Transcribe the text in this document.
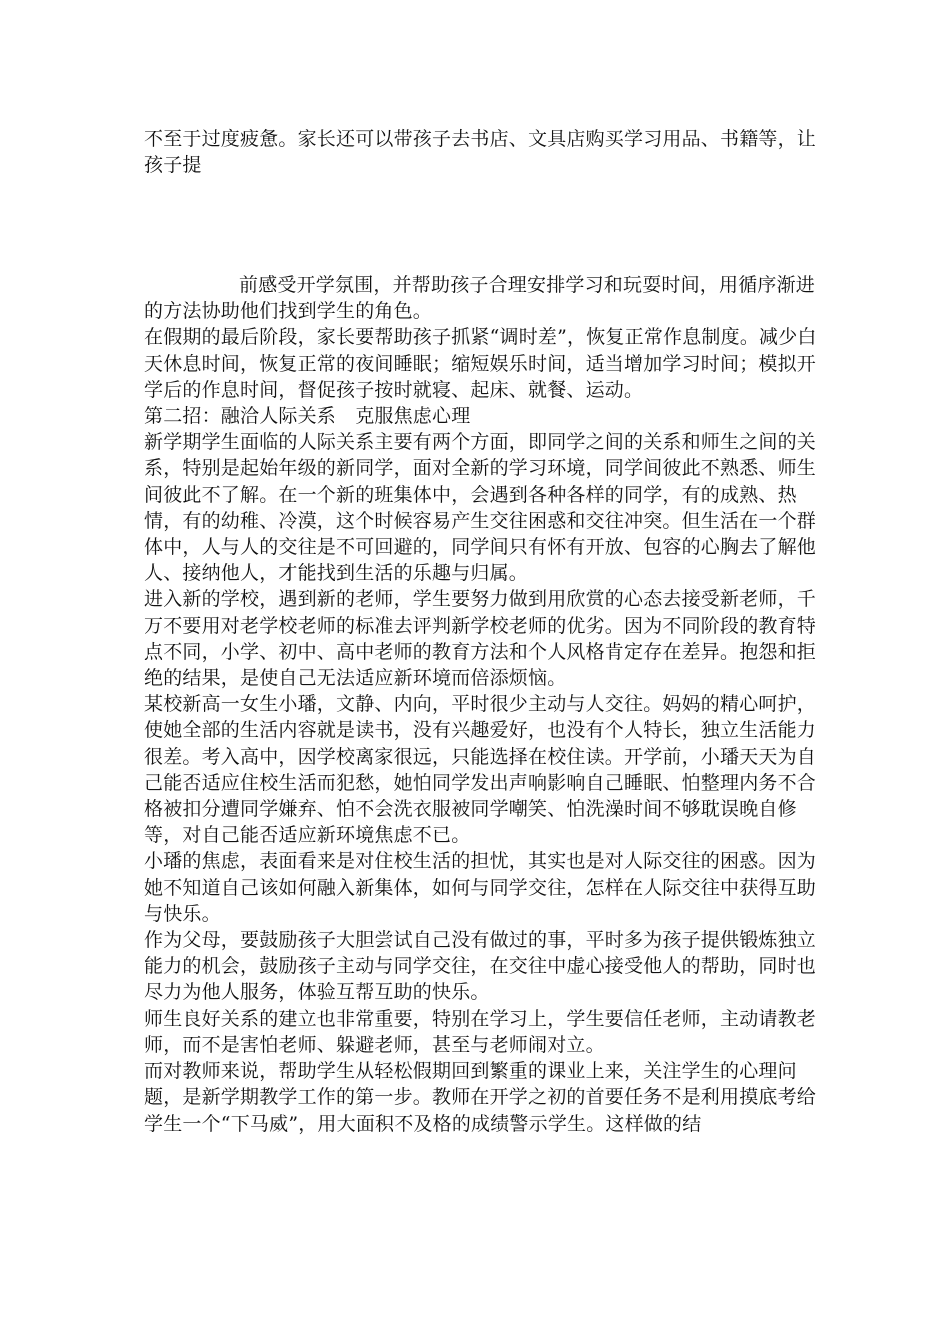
不至于过度疲惫。家长还可以带孩子去书店、文具店购买学习用品、书籍等，让孩子提

前感受开学氛围，并帮助孩子合理安排学习和玩耍时间，用循序渐进的方法协助他们找到学生的角色。

在假期的最后阶段，家长要帮助孩子抓紧“调时差”，恢复正常作息制度。减少白天休息时间，恢复正常的夜间睡眠；缩短娱乐时间，适当增加学习时间；模拟开学后的作息时间，督促孩子按时就寝、起床、就餐、运动。

第二招：融洽人际关系　克服焦虑心理

新学期学生面临的人际关系主要有两个方面，即同学之间的关系和师生之间的关系，特别是起始年级的新同学，面对全新的学习环境，同学间彼此不熟悉、师生间彼此不了解。在一个新的班集体中，会遇到各种各样的同学，有的成熟、热情，有的幼稚、冷漠，这个时候容易产生交往困惑和交往冲突。但生活在一个群体中，人与人的交往是不可回避的，同学间只有怀有开放、包容的心胸去了解他人、接纳他人，才能找到生活的乐趣与归属。

进入新的学校，遇到新的老师，学生要努力做到用欣赏的心态去接受新老师，千万不要用对老学校老师的标准去评判新学校老师的优劣。因为不同阶段的教育特点不同，小学、初中、高中老师的教育方法和个人风格肯定存在差异。抱怨和拒绝的结果，是使自己无法适应新环境而倍添烦恼。

某校新高一女生小璠，文静、内向，平时很少主动与人交往。妈妈的精心呵护，使她全部的生活内容就是读书，没有兴趣爱好，也没有个人特长，独立生活能力很差。考入高中，因学校离家很远，只能选择在校住读。开学前，小璠天天为自己能否适应住校生活而犯愁，她怕同学发出声响影响自己睡眠、怕整理内务不合格被扣分遭同学嫌弃、怕不会洗衣服被同学嘲笑、怕洗澡时间不够耽误晚自修等，对自己能否适应新环境焦虑不已。

小璠的焦虑，表面看来是对住校生活的担忧，其实也是对人际交往的困惑。因为她不知道自己该如何融入新集体，如何与同学交往，怎样在人际交往中获得互助与快乐。

作为父母，要鼓励孩子大胆尝试自己没有做过的事，平时多为孩子提供锻炼独立能力的机会，鼓励孩子主动与同学交往，在交往中虚心接受他人的帮助，同时也尽力为他人服务，体验互帮互助的快乐。

师生良好关系的建立也非常重要，特别在学习上，学生要信任老师，主动请教老师，而不是害怕老师、躲避老师，甚至与老师闹对立。

而对教师来说，帮助学生从轻松假期回到繁重的课业上来，关注学生的心理问题，是新学期教学工作的第一步。教师在开学之初的首要任务不是利用摸底考给学生一个“下马威”，用大面积不及格的成绩警示学生。这样做的结
